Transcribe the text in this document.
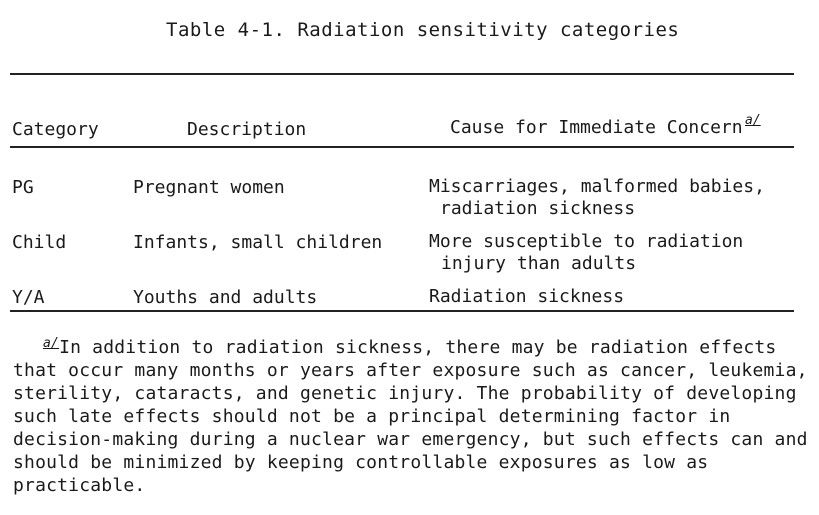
Table 4-1. Radiation sensitivity categories
Category	Description	Cause for Immediate Concern a/
PG	Pregnant women	Miscarriages, malformed babies,
radiation sickness
Child	Infants, small children	More susceptible to radiation
injury than adults
Y/A	Youths and adults	Radiation sickness
$^{a/}$In addition to radiation sickness, there may be radiation effects
that occur many months or years after exposure such as cancer, leukemia,
sterility, cataracts, and genetic injury. The probability of developing
such late effects should not be a principal determining factor in
decision-making during a nuclear war emergency, but such effects can and
should be minimized by keeping controllable exposures as low as
practicable.
